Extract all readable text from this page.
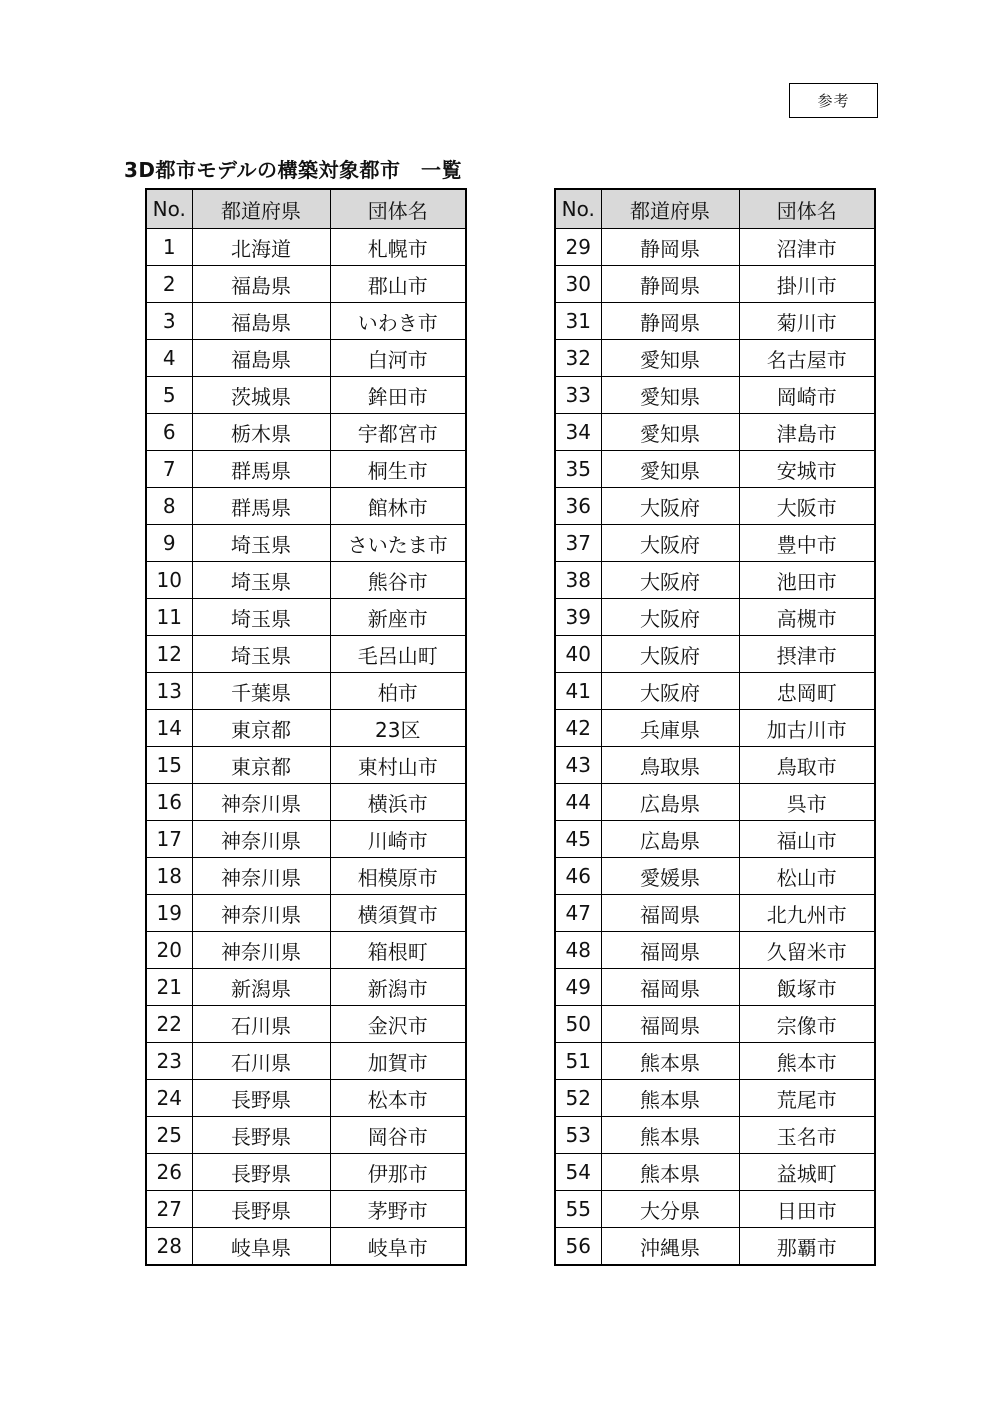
参考
3D都市モデルの構築対象都市　一覧
No.	都道府県	団体名
1	北海道	札幌市
2	福島県	郡山市
3	福島県	いわき市
4	福島県	白河市
5	茨城県	鉾田市
6	栃木県	宇都宮市
7	群馬県	桐生市
8	群馬県	館林市
9	埼玉県	さいたま市
10	埼玉県	熊谷市
11	埼玉県	新座市
12	埼玉県	毛呂山町
13	千葉県	柏市
14	東京都	23区
15	東京都	東村山市
16	神奈川県	横浜市
17	神奈川県	川崎市
18	神奈川県	相模原市
19	神奈川県	横須賀市
20	神奈川県	箱根町
21	新潟県	新潟市
22	石川県	金沢市
23	石川県	加賀市
24	長野県	松本市
25	長野県	岡谷市
26	長野県	伊那市
27	長野県	茅野市
28	岐阜県	岐阜市
No.	都道府県	団体名
29	静岡県	沼津市
30	静岡県	掛川市
31	静岡県	菊川市
32	愛知県	名古屋市
33	愛知県	岡崎市
34	愛知県	津島市
35	愛知県	安城市
36	大阪府	大阪市
37	大阪府	豊中市
38	大阪府	池田市
39	大阪府	高槻市
40	大阪府	摂津市
41	大阪府	忠岡町
42	兵庫県	加古川市
43	鳥取県	鳥取市
44	広島県	呉市
45	広島県	福山市
46	愛媛県	松山市
47	福岡県	北九州市
48	福岡県	久留米市
49	福岡県	飯塚市
50	福岡県	宗像市
51	熊本県	熊本市
52	熊本県	荒尾市
53	熊本県	玉名市
54	熊本県	益城町
55	大分県	日田市
56	沖縄県	那覇市
